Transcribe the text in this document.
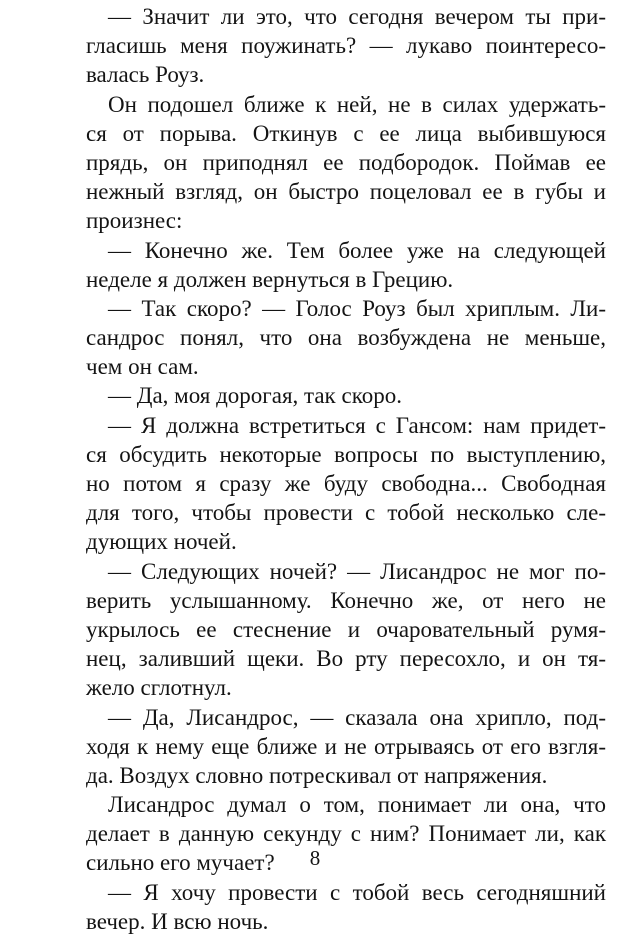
— Значит ли это, что сегодня вечером ты при-
гласишь меня поужинать? — лукаво поинтересо-
валась Роуз.
Он подошел ближе к ней, не в силах удержать-
ся от порыва. Откинув с ее лица выбившуюся
прядь, он приподнял ее подбородок. Поймав ее
нежный взгляд, он быстро поцеловал ее в губы и
произнес:
— Конечно же. Тем более уже на следующей
неделе я должен вернуться в Грецию.
— Так скоро? — Голос Роуз был хриплым. Ли-
сандрос понял, что она возбуждена не меньше,
чем он сам.
— Да, моя дорогая, так скоро.
— Я должна встретиться с Гансом: нам придет-
ся обсудить некоторые вопросы по выступлению,
но потом я сразу же буду свободна... Свободная
для того, чтобы провести с тобой несколько сле-
дующих ночей.
— Следующих ночей? — Лисандрос не мог по-
верить услышанному. Конечно же, от него не
укрылось ее стеснение и очаровательный румя-
нец, заливший щеки. Во рту пересохло, и он тя-
жело сглотнул.
— Да, Лисандрос, — сказала она хрипло, под-
ходя к нему еще ближе и не отрываясь от его взгля-
да. Воздух словно потрескивал от напряжения.
Лисандрос думал о том, понимает ли она, что
делает в данную секунду с ним? Понимает ли, как
сильно его мучает?
— Я хочу провести с тобой весь сегодняшний
вечер. И всю ночь.
8
